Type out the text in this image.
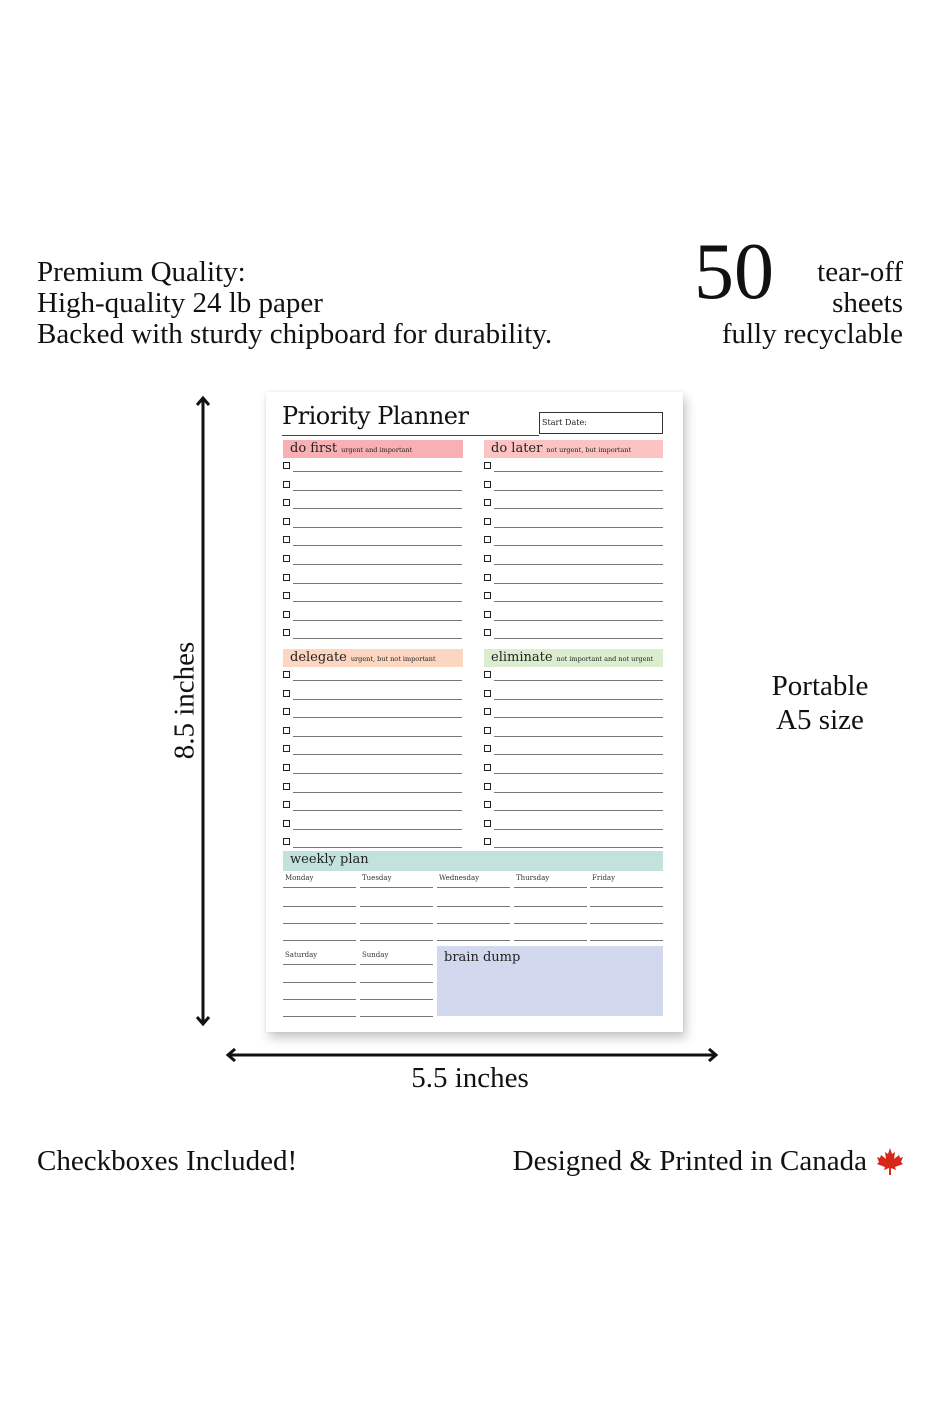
Premium Quality:
High-quality 24 lb paper
Backed with sturdy chipboard for durability.
50 tear-off
sheets
fully recyclable
Portable
A5 size
Checkboxes Included!	Designed & Printed in Canada
8.5 inches
5.5 inches
Priority Planner	Start Date:
do first urgent and important	do later not urgent, but important
delegate urgent, but not important	eliminate not important and not urgent
weekly plan
Monday	Tuesday	Wednesday	Thursday	Friday
Saturday	Sunday	brain dump
